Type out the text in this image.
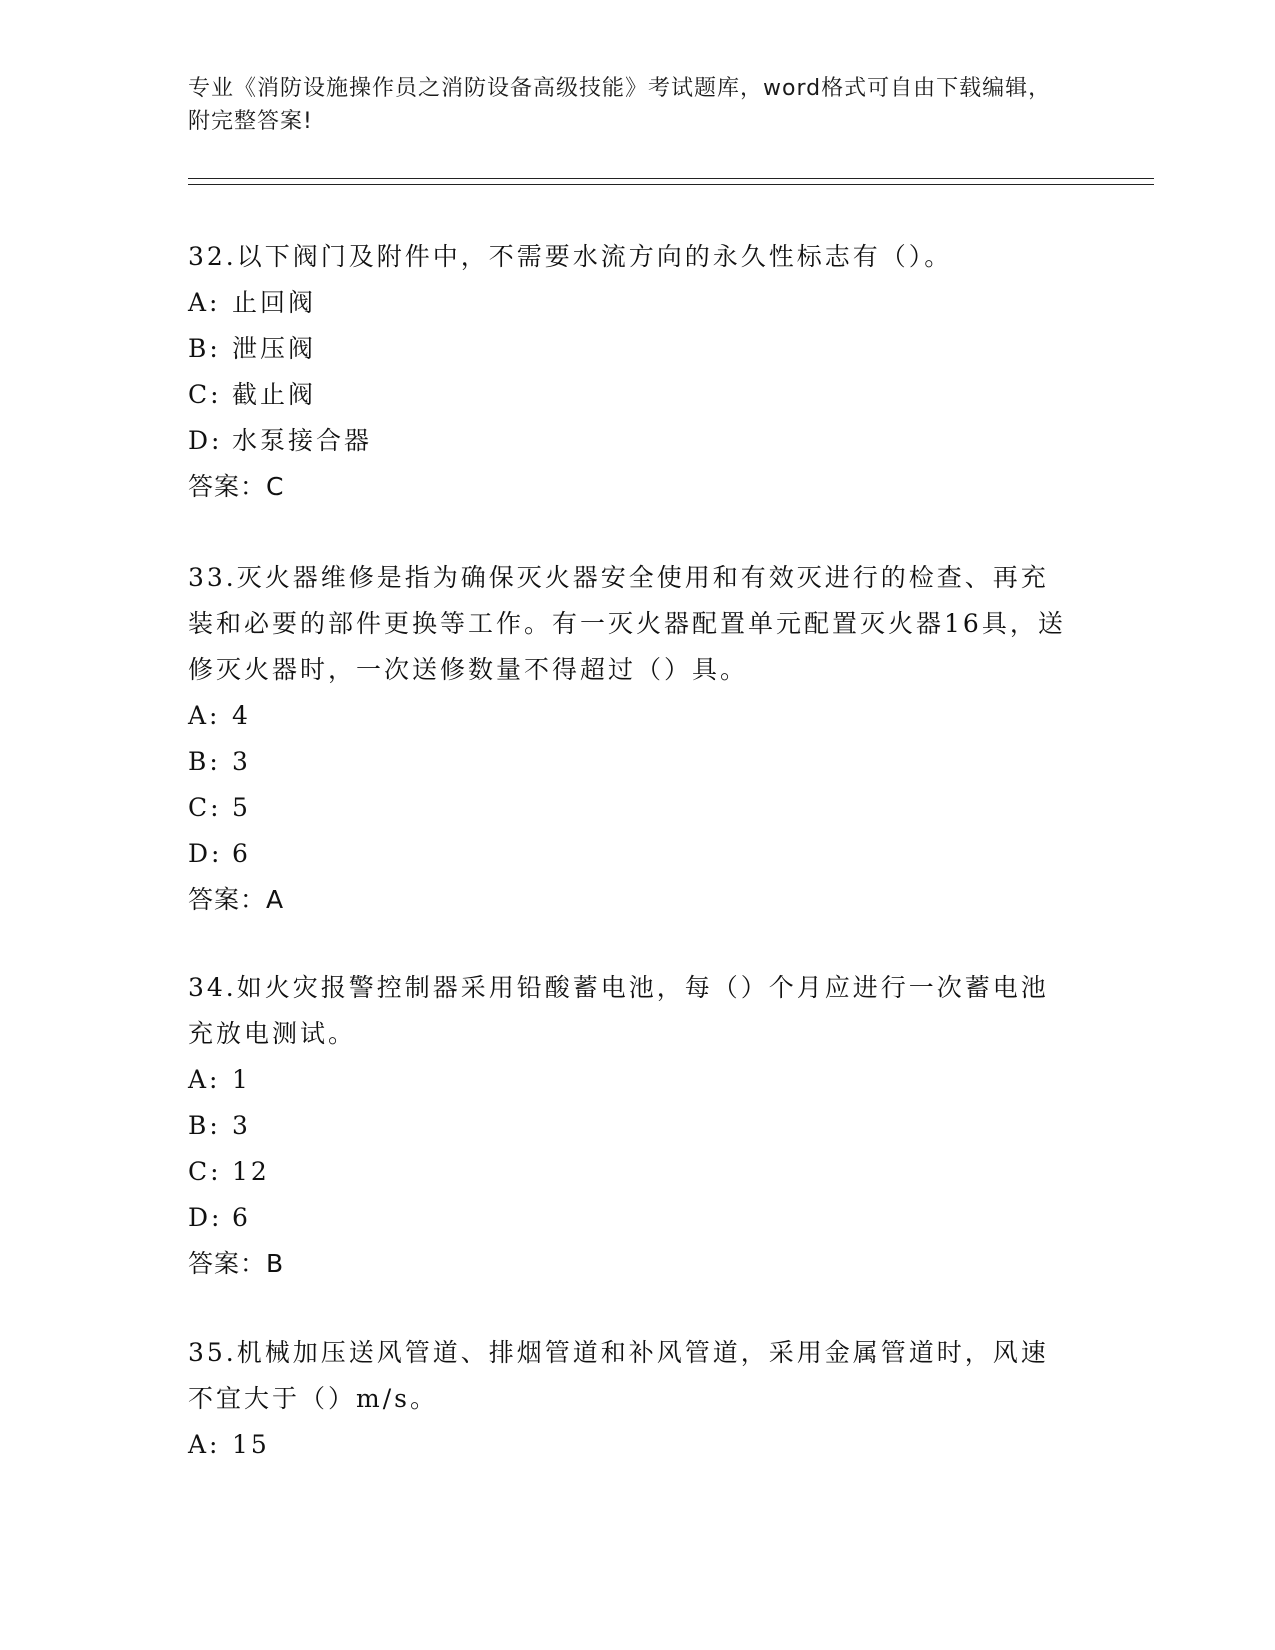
专业《消防设施操作员之消防设备高级技能》考试题库，word格式可自由下载编辑，附完整答案!

32.以下阀门及附件中，不需要水流方向的永久性标志有（）。

A: 止回阀

B: 泄压阀

C: 截止阀

D: 水泵接合器

答案：C

33.灭火器维修是指为确保灭火器安全使用和有效灭进行的检查、再充装和必要的部件更换等工作。有一灭火器配置单元配置灭火器16具，送修灭火器时，一次送修数量不得超过（）具。

A: 4

B: 3

C: 5

D: 6

答案：A

34.如火灾报警控制器采用铅酸蓄电池，每（）个月应进行一次蓄电池充放电测试。

A: 1

B: 3

C: 12

D: 6

答案：B

35.机械加压送风管道、排烟管道和补风管道，采用金属管道时，风速不宜大于（）m/s。

A: 15
